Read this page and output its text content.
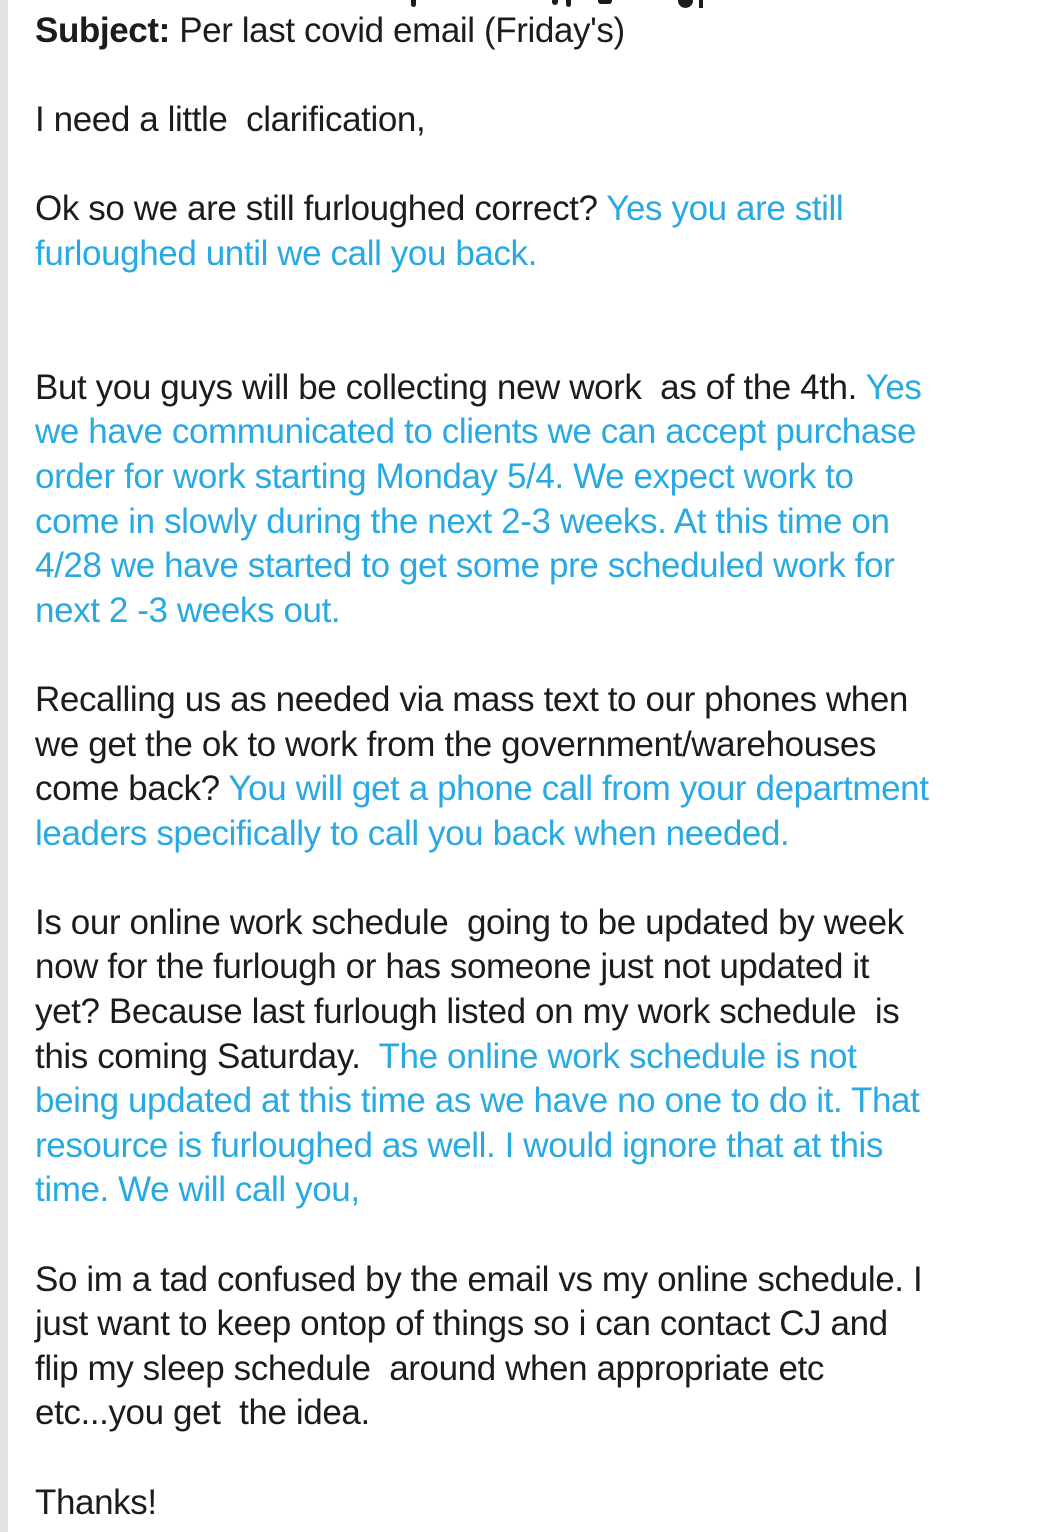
Subject: Per last covid email (Friday's)
I need a little  clarification,
Ok so we are still furloughed correct? Yes you are still
furloughed until we call you back.
But you guys will be collecting new work  as of the 4th. Yes
we have communicated to clients we can accept purchase
order for work starting Monday 5/4. We expect work to
come in slowly during the next 2-3 weeks. At this time on
4/28 we have started to get some pre scheduled work for
next 2 -3 weeks out.
Recalling us as needed via mass text to our phones when
we get the ok to work from the government/warehouses
come back? You will get a phone call from your department
leaders specifically to call you back when needed.
Is our online work schedule  going to be updated by week
now for the furlough or has someone just not updated it
yet? Because last furlough listed on my work schedule  is
this coming Saturday.  The online work schedule is not
being updated at this time as we have no one to do it. That
resource is furloughed as well. I would ignore that at this
time. We will call you,
So im a tad confused by the email vs my online schedule. I
just want to keep ontop of things so i can contact CJ and
flip my sleep schedule  around when appropriate etc
etc...you get  the idea.
Thanks!
